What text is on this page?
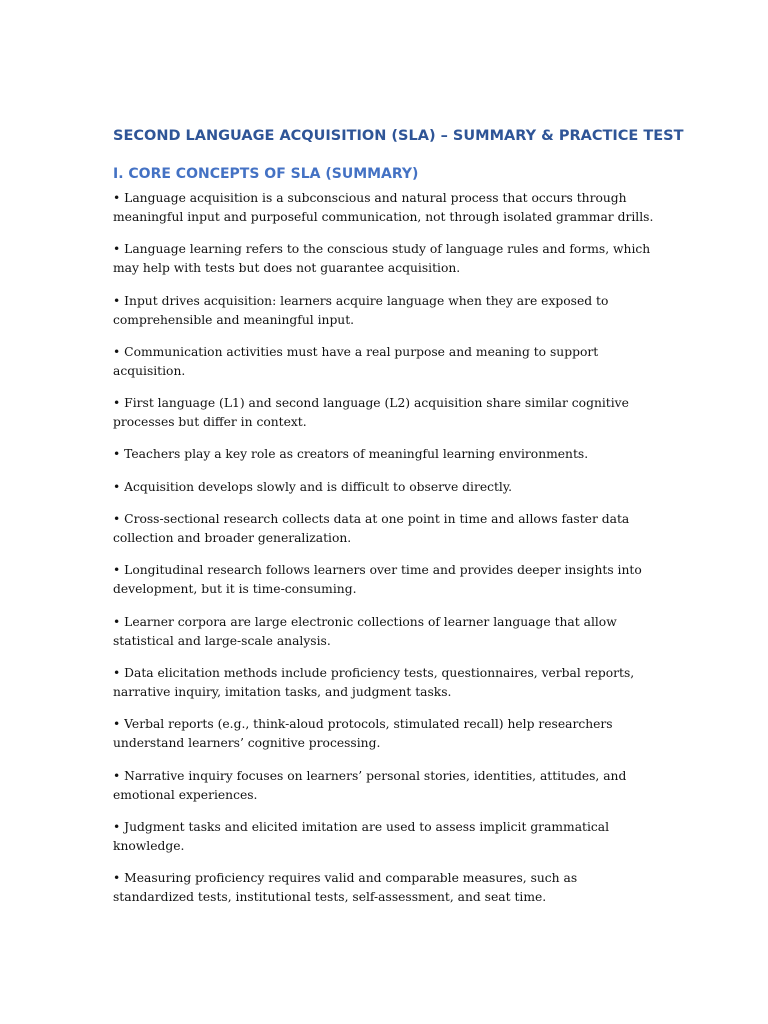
SECOND LANGUAGE ACQUISITION (SLA) – SUMMARY & PRACTICE TEST
I. CORE CONCEPTS OF SLA (SUMMARY)
• Language acquisition is a subconscious and natural process that occurs through meaningful input and purposeful communication, not through isolated grammar drills.
• Language learning refers to the conscious study of language rules and forms, which may help with tests but does not guarantee acquisition.
• Input drives acquisition: learners acquire language when they are exposed to comprehensible and meaningful input.
• Communication activities must have a real purpose and meaning to support acquisition.
• First language (L1) and second language (L2) acquisition share similar cognitive processes but differ in context.
• Teachers play a key role as creators of meaningful learning environments.
• Acquisition develops slowly and is difficult to observe directly.
• Cross-sectional research collects data at one point in time and allows faster data collection and broader generalization.
• Longitudinal research follows learners over time and provides deeper insights into development, but it is time-consuming.
• Learner corpora are large electronic collections of learner language that allow statistical and large-scale analysis.
• Data elicitation methods include proficiency tests, questionnaires, verbal reports, narrative inquiry, imitation tasks, and judgment tasks.
• Verbal reports (e.g., think-aloud protocols, stimulated recall) help researchers understand learners’ cognitive processing.
• Narrative inquiry focuses on learners’ personal stories, identities, attitudes, and emotional experiences.
• Judgment tasks and elicited imitation are used to assess implicit grammatical knowledge.
• Measuring proficiency requires valid and comparable measures, such as standardized tests, institutional tests, self-assessment, and seat time.
